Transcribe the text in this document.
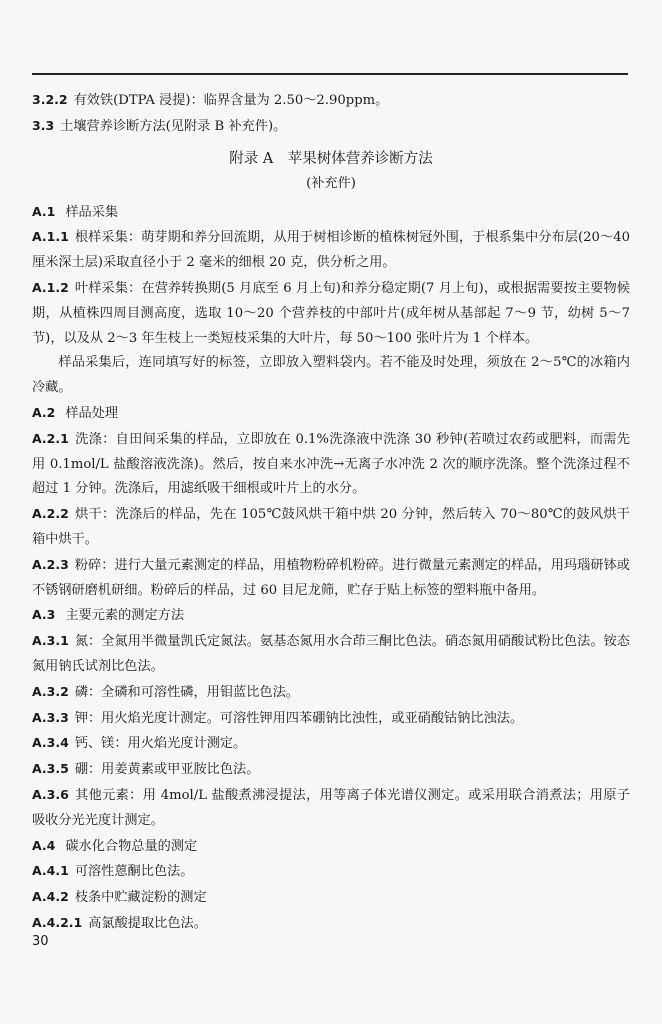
3.2.2 有效铁(DTPA 浸提)：临界含量为 2.50～2.90ppm。

3.3 土壤营养诊断方法(见附录 B 补充件)。

附录 A　苹果树体营养诊断方法

(补充件)

A.1 样品采集

A.1.1 根样采集：萌芽期和养分回流期，从用于树相诊断的植株树冠外围，于根系集中分布层(20～40 厘米深土层)采取直径小于 2 毫米的细根 20 克，供分析之用。

A.1.2 叶样采集：在营养转换期(5 月底至 6 月上旬)和养分稳定期(7 月上旬)，或根据需要按主要物候期，从植株四周目测高度，选取 10～20 个营养枝的中部叶片(成年树从基部起 7～9 节，幼树 5～7 节)，以及从 2～3 年生枝上一类短枝采集的大叶片，每 50～100 张叶片为 1 个样本。

样品采集后，连同填写好的标签，立即放入塑料袋内。若不能及时处理，须放在 2～5℃的冰箱内冷藏。

A.2 样品处理

A.2.1 洗涤：自田间采集的样品，立即放在 0.1%洗涤液中洗涤 30 秒钟(若喷过农药或肥料，而需先用 0.1mol/L 盐酸溶液洗涤)。然后，按自来水冲洗→无离子水冲洗 2 次的顺序洗涤。整个洗涤过程不超过 1 分钟。洗涤后，用滤纸吸干细根或叶片上的水分。

A.2.2 烘干：洗涤后的样品，先在 105℃鼓风烘干箱中烘 20 分钟，然后转入 70～80℃的鼓风烘干箱中烘干。

A.2.3 粉碎：进行大量元素测定的样品，用植物粉碎机粉碎。进行微量元素测定的样品，用玛瑙研钵或不锈钢研磨机研细。粉碎后的样品，过 60 目尼龙筛，贮存于贴上标签的塑料瓶中备用。

A.3 主要元素的测定方法

A.3.1 氮：全氮用半微量凯氏定氮法。氨基态氮用水合茚三酮比色法。硝态氮用硝酸试粉比色法。铵态氮用钠氏试剂比色法。

A.3.2 磷：全磷和可溶性磷，用钼蓝比色法。

A.3.3 钾：用火焰光度计测定。可溶性钾用四苯硼钠比浊性，或亚硝酸钴钠比浊法。

A.3.4 钙、镁：用火焰光度计测定。

A.3.5 硼：用姜黄素或甲亚胺比色法。

A.3.6 其他元素：用 4mol/L 盐酸煮沸浸提法，用等离子体光谱仪测定。或采用联合消煮法；用原子吸收分光光度计测定。

A.4 碳水化合物总量的测定

A.4.1 可溶性蒽酮比色法。

A.4.2 枝条中贮藏淀粉的测定

A.4.2.1 高氯酸提取比色法。

30
